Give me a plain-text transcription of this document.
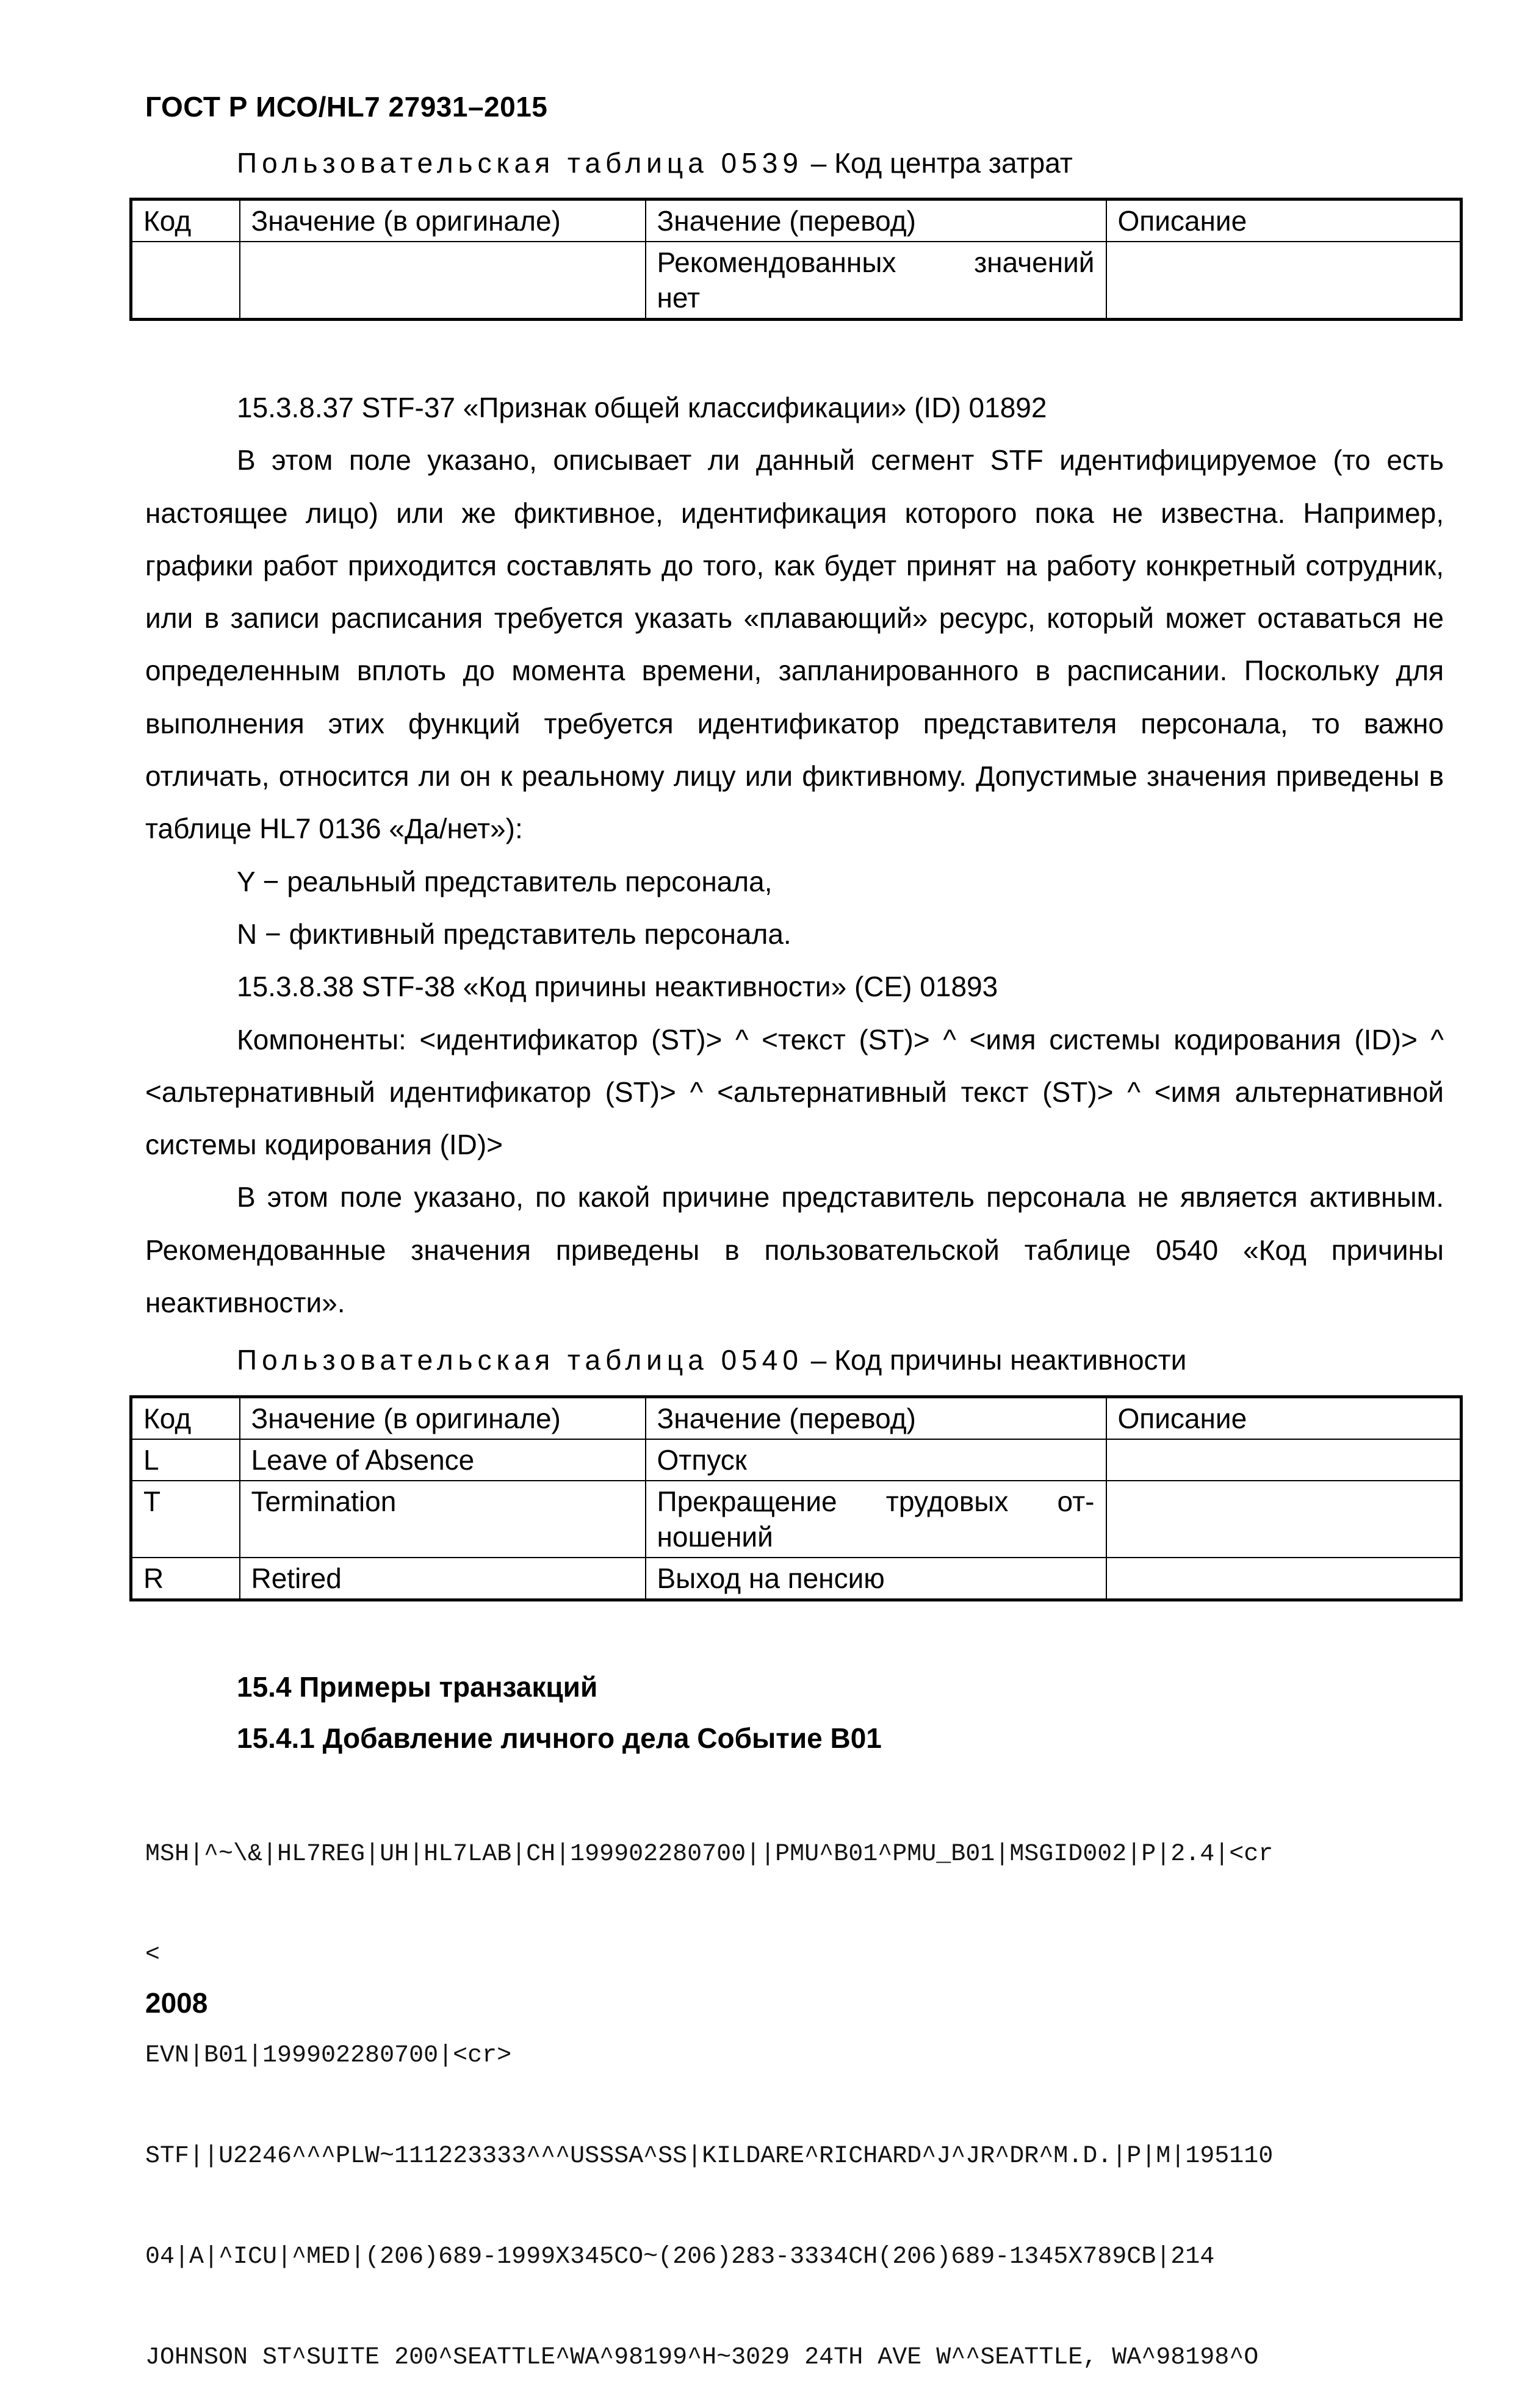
ГОСТ Р ИСО/HL7 27931–2015
Пользовательская таблица 0539 – Код центра затрат
Код	Значение (в оригинале)	Значение (перевод)	Описание

		Рекомендованных значений
нет	

15.3.8.37 STF-37 «Признак общей классификации» (ID) 01892

В этом поле указано, описывает ли данный сегмент STF идентифицируемое (то есть настоящее лицо) или же фиктивное, идентификация которого пока не известна. Например, графики работ приходится составлять до того, как будет принят на работу конкретный сотрудник, или в записи расписания требуется указать «плавающий» ресурс, который может оставаться не определенным вплоть до момента времени, запланированного в расписании. Поскольку для выполнения этих функций требуется идентификатор представителя персонала, то важно отличать, относится ли он к реальному лицу или фиктивному. Допустимые значения приведены в таблице HL7 0136 «Да/нет»):

Y − реальный представитель персонала,

N − фиктивный представитель персонала.

15.3.8.38 STF-38 «Код причины неактивности» (CE) 01893

Компоненты: <идентификатор (ST)> ^ <текст (ST)> ^ <имя системы кодирования (ID)> ^ <альтернативный идентификатор (ST)> ^ <альтернативный текст (ST)> ^ <имя альтернативной системы кодирования (ID)>

В этом поле указано, по какой причине представитель персонала не является активным. Рекомендованные значения приведены в пользовательской таблице 0540 «Код причины неактивности».

Пользовательская таблица 0540 – Код причины неактивности
Код	Значение (в оригинале)	Значение (перевод)	Описание
L	Leave of Absence	Отпуск	
T	Termination	Прекращение трудовых от-
ношений	

R	Retired	Выход на пенсию	
15.4 Примеры транзакций
15.4.1 Добавление личного дела Событие B01

MSH|^~\&|HL7REG|UH|HL7LAB|CH|199902280700||PMU^B01^PMU_B01|MSGID002|P|2.4|<cr

<

EVN|B01|199902280700|<cr>

STF||U2246^^^PLW~111223333^^^USSSA^SS|KILDARE^RICHARD^J^JR^DR^M.D.|P|M|195110

04|A|^ICU|^MED|(206)689-1999X345CO~(206)283-3334CH(206)689-1345X789CB|214

JOHNSON ST^SUITE 200^SEATTLE^WA^98199^H~3029 24TH AVE W^^SEATTLE, WA^98198^O

2008
